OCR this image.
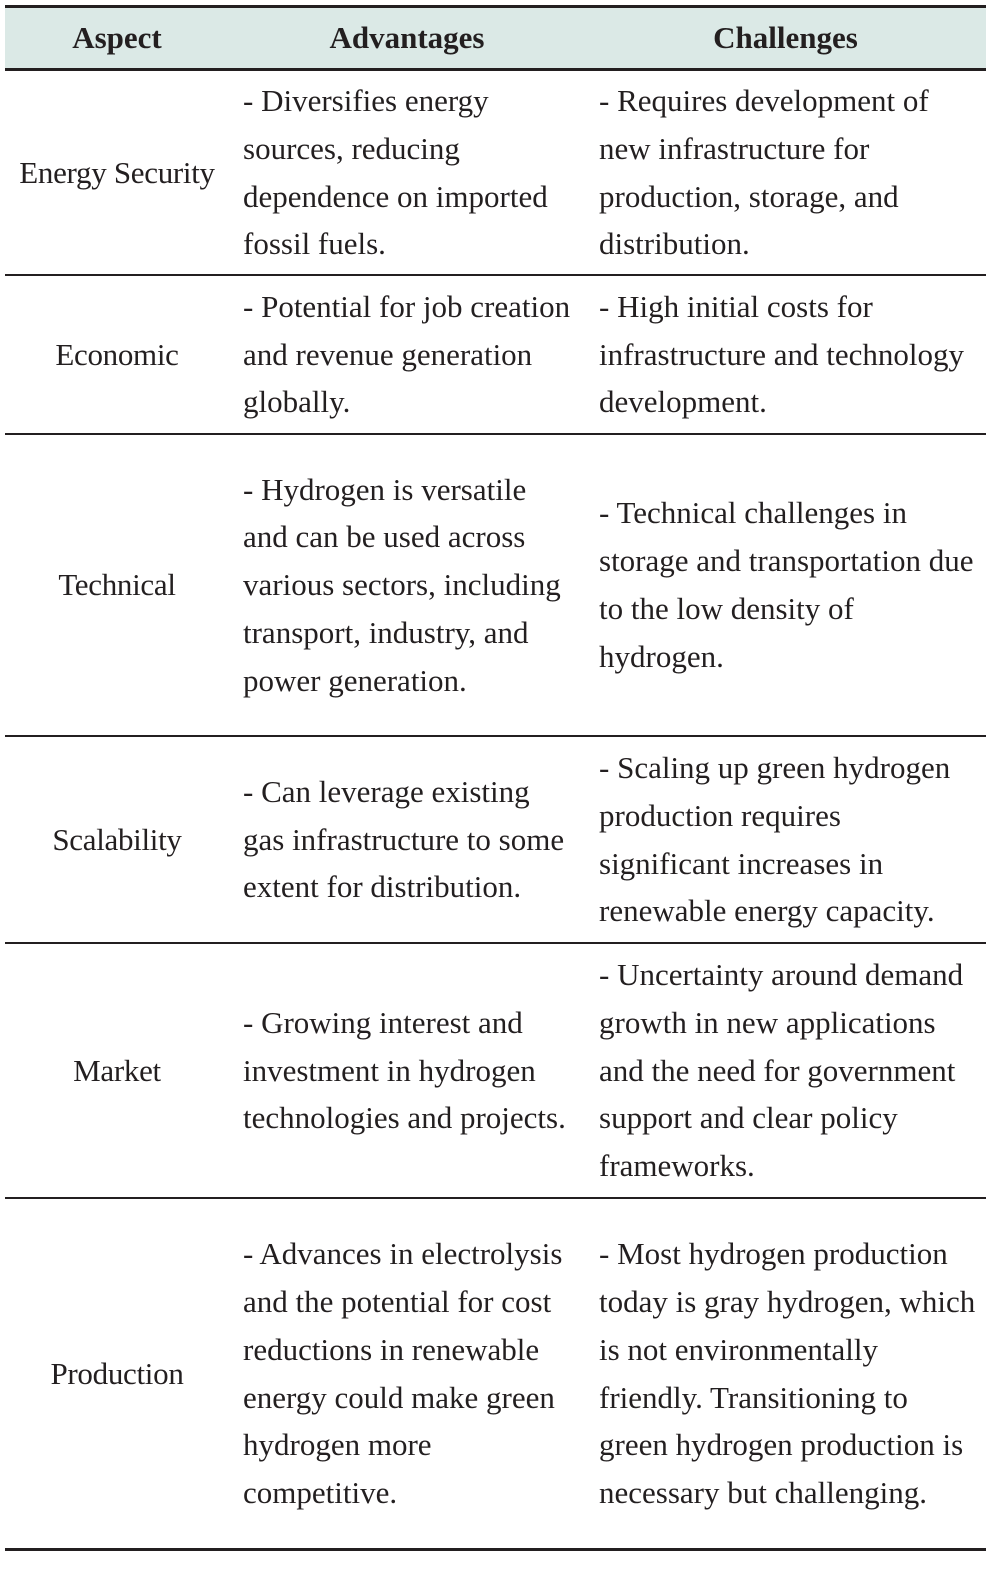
Aspect	Advantages	Challenges

Energy Security	- Diversifies energy sources, reducing dependence on imported fossil fuels.	- Requires development of new infrastructure for production, storage, and distribution.

Economic	- Potential for job creation and revenue generation globally.	- High initial costs for infrastructure and technology development.

Technical	- Hydrogen is versatile and can be used across various sectors, including transport, industry, and power generation.	- Technical challenges in storage and transportation due to the low density of hydrogen.

Scalability	- Can leverage existing gas infrastructure to some extent for distribution.	- Scaling up green hydrogen production requires significant increases in renewable energy capacity.

Market	- Growing interest and investment in hydrogen technologies and projects.	- Uncertainty around demand growth in new applications and the need for government support and clear policy frameworks.

Production	- Advances in electrolysis and the potential for cost reductions in renewable energy could make green hydrogen more competitive.	- Most hydrogen production today is gray hydrogen, which is not environmentally friendly. Transitioning to green hydrogen production is necessary but challenging.
